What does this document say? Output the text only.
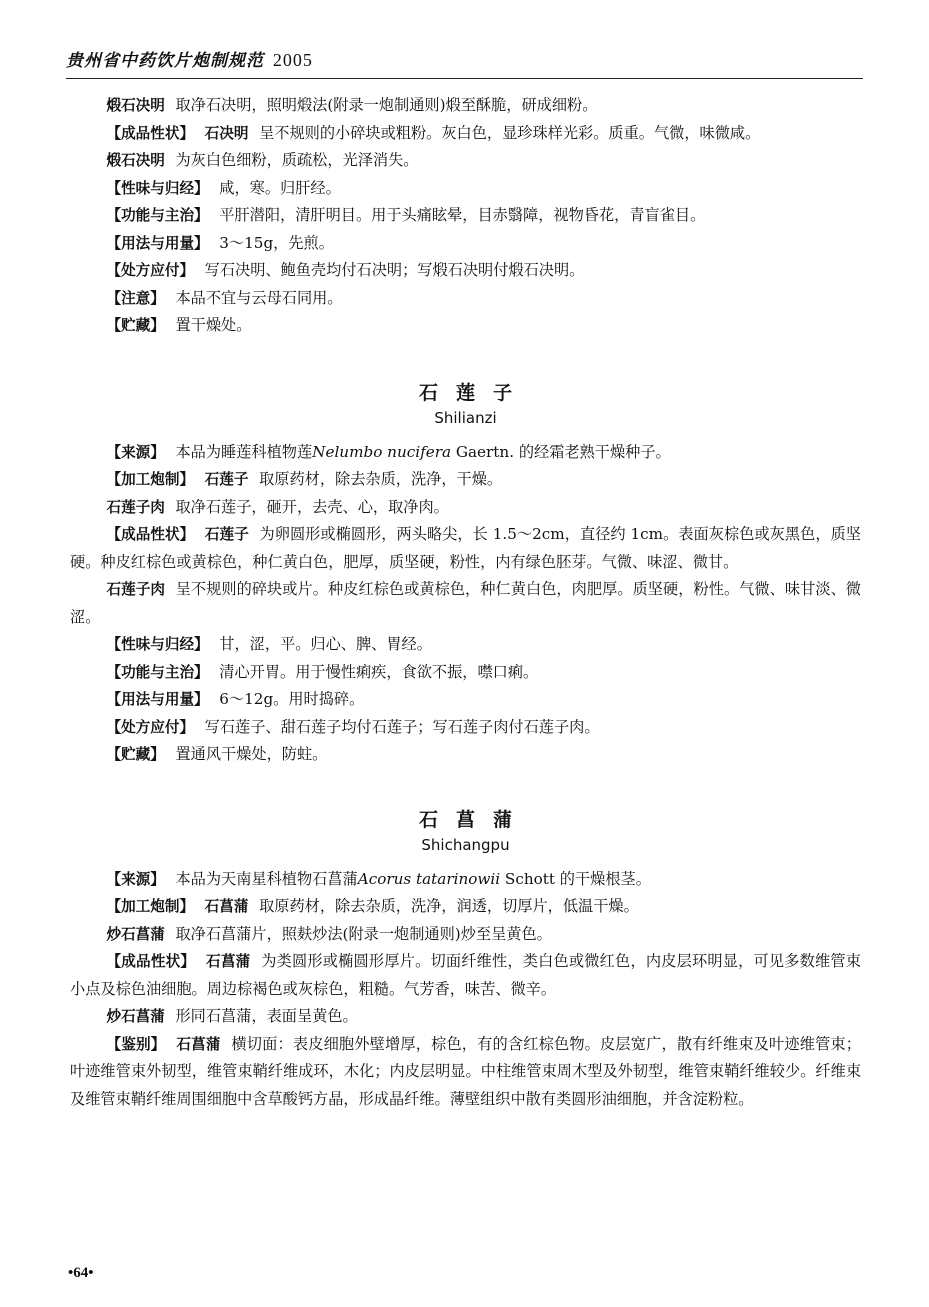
贵州省中药饮片炮制规范 2005

煅石决明 取净石决明，照明煅法(附录一炮制通则)煅至酥脆，研成细粉。

【成品性状】 石决明 呈不规则的小碎块或粗粉。灰白色，显珍珠样光彩。质重。气微，味微咸。

煅石决明 为灰白色细粉，质疏松，光泽消失。

【性味与归经】 咸，寒。归肝经。

【功能与主治】 平肝潜阳，清肝明目。用于头痛眩晕，目赤翳障，视物昏花，青盲雀目。

【用法与用量】 3～15g，先煎。

【处方应付】 写石决明、鲍鱼壳均付石决明；写煅石决明付煅石决明。

【注意】 本品不宜与云母石同用。

【贮藏】 置干燥处。

石莲子

Shilianzi

【来源】 本品为睡莲科植物莲Nelumbo nucifera Gaertn. 的经霜老熟干燥种子。

【加工炮制】 石莲子 取原药材，除去杂质，洗净，干燥。

石莲子肉 取净石莲子，砸开，去壳、心，取净肉。

【成品性状】 石莲子 为卵圆形或椭圆形，两头略尖，长 1.5～2cm，直径约 1cm。表面灰棕色或灰黑色，质坚硬。种皮红棕色或黄棕色，种仁黄白色，肥厚，质坚硬，粉性，内有绿色胚芽。气微、味涩、微甘。

石莲子肉 呈不规则的碎块或片。种皮红棕色或黄棕色，种仁黄白色，肉肥厚。质坚硬，粉性。气微、味甘淡、微涩。

【性味与归经】 甘，涩，平。归心、脾、胃经。

【功能与主治】 清心开胃。用于慢性痢疾，食欲不振，噤口痢。

【用法与用量】 6～12g。用时捣碎。

【处方应付】 写石莲子、甜石莲子均付石莲子；写石莲子肉付石莲子肉。

【贮藏】 置通风干燥处，防蛀。

石菖蒲

Shichangpu

【来源】 本品为天南星科植物石菖蒲Acorus tatarinowii Schott 的干燥根茎。

【加工炮制】 石菖蒲 取原药材，除去杂质，洗净，润透，切厚片，低温干燥。

炒石菖蒲 取净石菖蒲片，照麸炒法(附录一炮制通则)炒至呈黄色。

【成品性状】 石菖蒲 为类圆形或椭圆形厚片。切面纤维性，类白色或微红色，内皮层环明显，可见多数维管束小点及棕色油细胞。周边棕褐色或灰棕色，粗糙。气芳香，味苦、微辛。

炒石菖蒲 形同石菖蒲，表面呈黄色。

【鉴别】 石菖蒲 横切面：表皮细胞外壁增厚，棕色，有的含红棕色物。皮层宽广，散有纤维束及叶迹维管束；叶迹维管束外韧型，维管束鞘纤维成环，木化；内皮层明显。中柱维管束周木型及外韧型，维管束鞘纤维较少。纤维束及维管束鞘纤维周围细胞中含草酸钙方晶，形成晶纤维。薄壁组织中散有类圆形油细胞，并含淀粉粒。

•64•
